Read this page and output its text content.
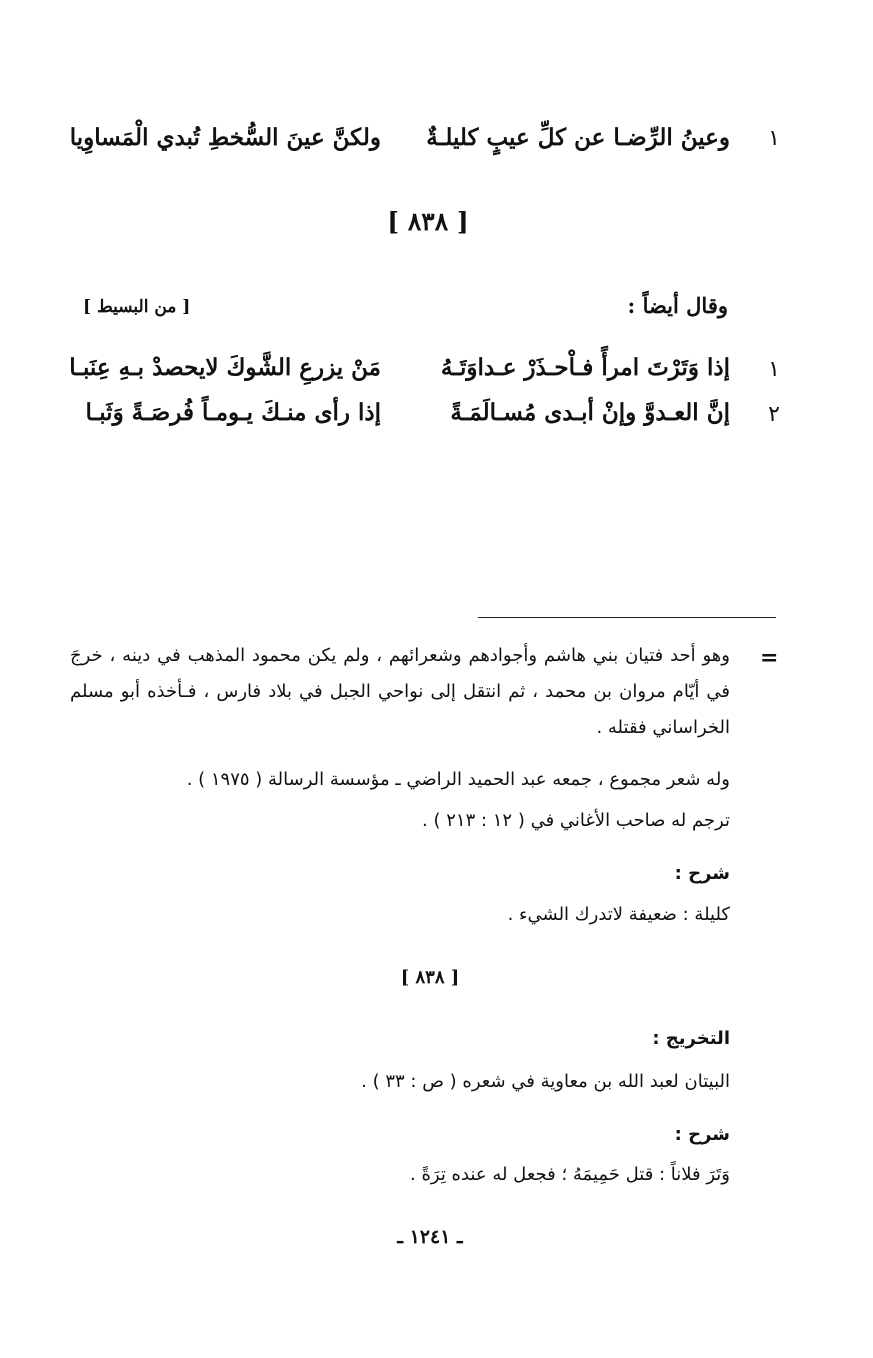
١
وعينُ الرِّضـا عن كلِّ عيبٍ كليلـةٌ
ولكنَّ عينَ السُّخطِ تُبدي الْمَساوِيا
[ ٨٣٨ ]
وقال أيضاً :
[ من البسيط ]
١
إذا وَتَرْتَ امرأً فـاْحـذَرْ عـداوَتَـهُ
مَنْ يزرعِ الشَّوكَ لايحصدْ بـهِ عِنَبـا
٢
إنَّ العـدوَّ وإنْ أبـدى مُسـالَمَـةً
إذا رأى منـكَ يـومـاً فُرصَـةً وَثَبـا
=
وهو أحد فتيان بني هاشم وأجوادهم وشعرائهم ، ولم يكن محمود المذهب في دينه ، خرجَ في أيّام مروان بن محمد ، ثم انتقل إلى نواحي الجبل في بلاد فارس ، فـأخذه أبو مسلم الخراساني فقتله .
وله شعر مجموع ، جمعه عبد الحميد الراضي ـ مؤسسة الرسالة ( ١٩٧٥ ) .
ترجم له صاحب الأغاني في ( ١٢ : ٢١٣ ) .
شرح :
كليلة : ضعيفة لاتدرك الشيء .
[ ٨٣٨ ]
التخريج :
البيتان لعبد الله بن معاوية في شعره ( ص : ٣٣ ) .
شرح :
وَتَرَ فلاناً : قتل حَمِيمَهُ ؛ فجعل له عنده تِرَةً .
ـ ١٢٤١ ـ
